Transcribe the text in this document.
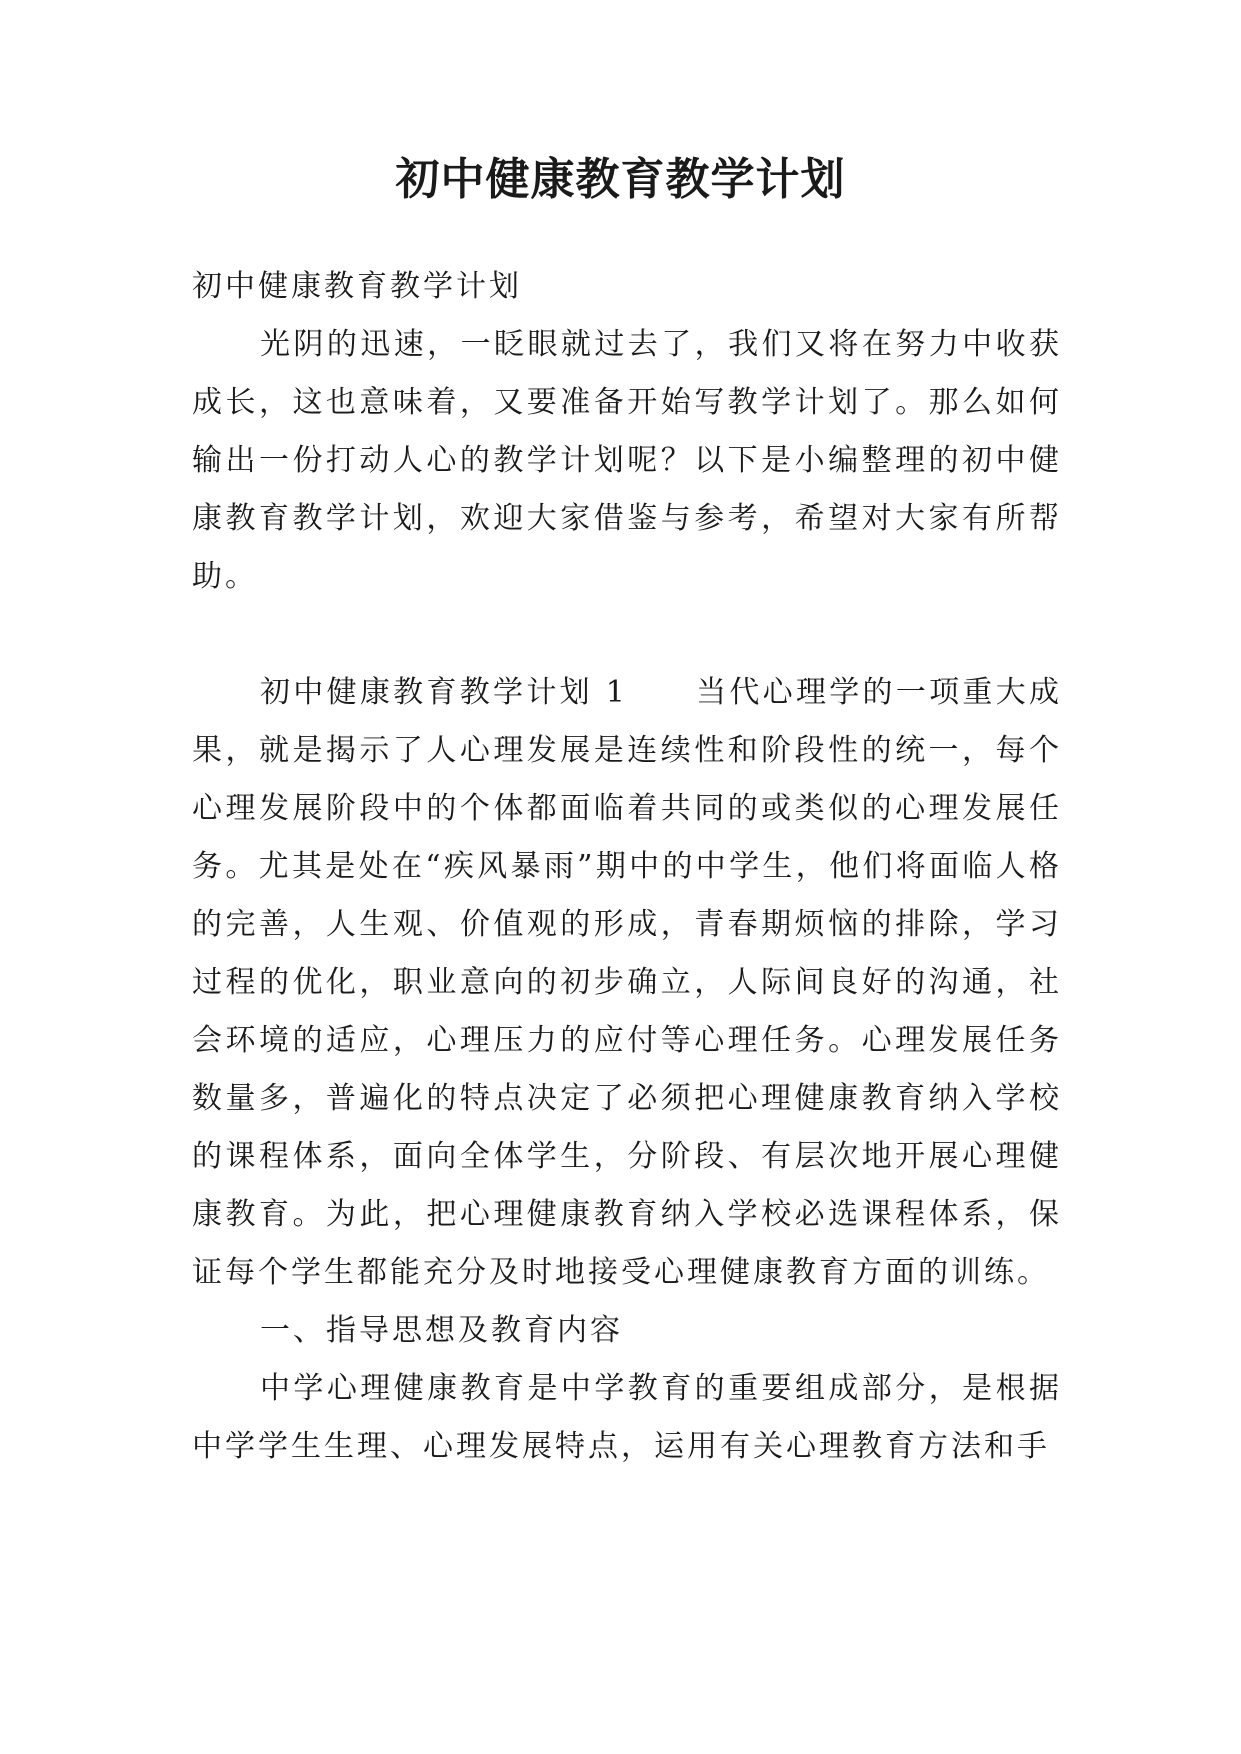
初中健康教育教学计划

初中健康教育教学计划

光阴的迅速，一眨眼就过去了，我们又将在努力中收获成长，这也意味着，又要准备开始写教学计划了。那么如何输出一份打动人心的教学计划呢？以下是小编整理的初中健康教育教学计划，欢迎大家借鉴与参考，希望对大家有所帮助。

初中健康教育教学计划 1 当代心理学的一项重大成果，就是揭示了人心理发展是连续性和阶段性的统一，每个心理发展阶段中的个体都面临着共同的或类似的心理发展任务。尤其是处在“疾风暴雨”期中的中学生，他们将面临人格的完善，人生观、价值观的形成，青春期烦恼的排除，学习过程的优化，职业意向的初步确立，人际间良好的沟通，社会环境的适应，心理压力的应付等心理任务。心理发展任务数量多，普遍化的特点决定了必须把心理健康教育纳入学校的课程体系，面向全体学生，分阶段、有层次地开展心理健康教育。为此，把心理健康教育纳入学校必选课程体系，保证每个学生都能充分及时地接受心理健康教育方面的训练。

一、指导思想及教育内容

中学心理健康教育是中学教育的重要组成部分，是根据中学学生生理、心理发展特点，运用有关心理教育方法和手
